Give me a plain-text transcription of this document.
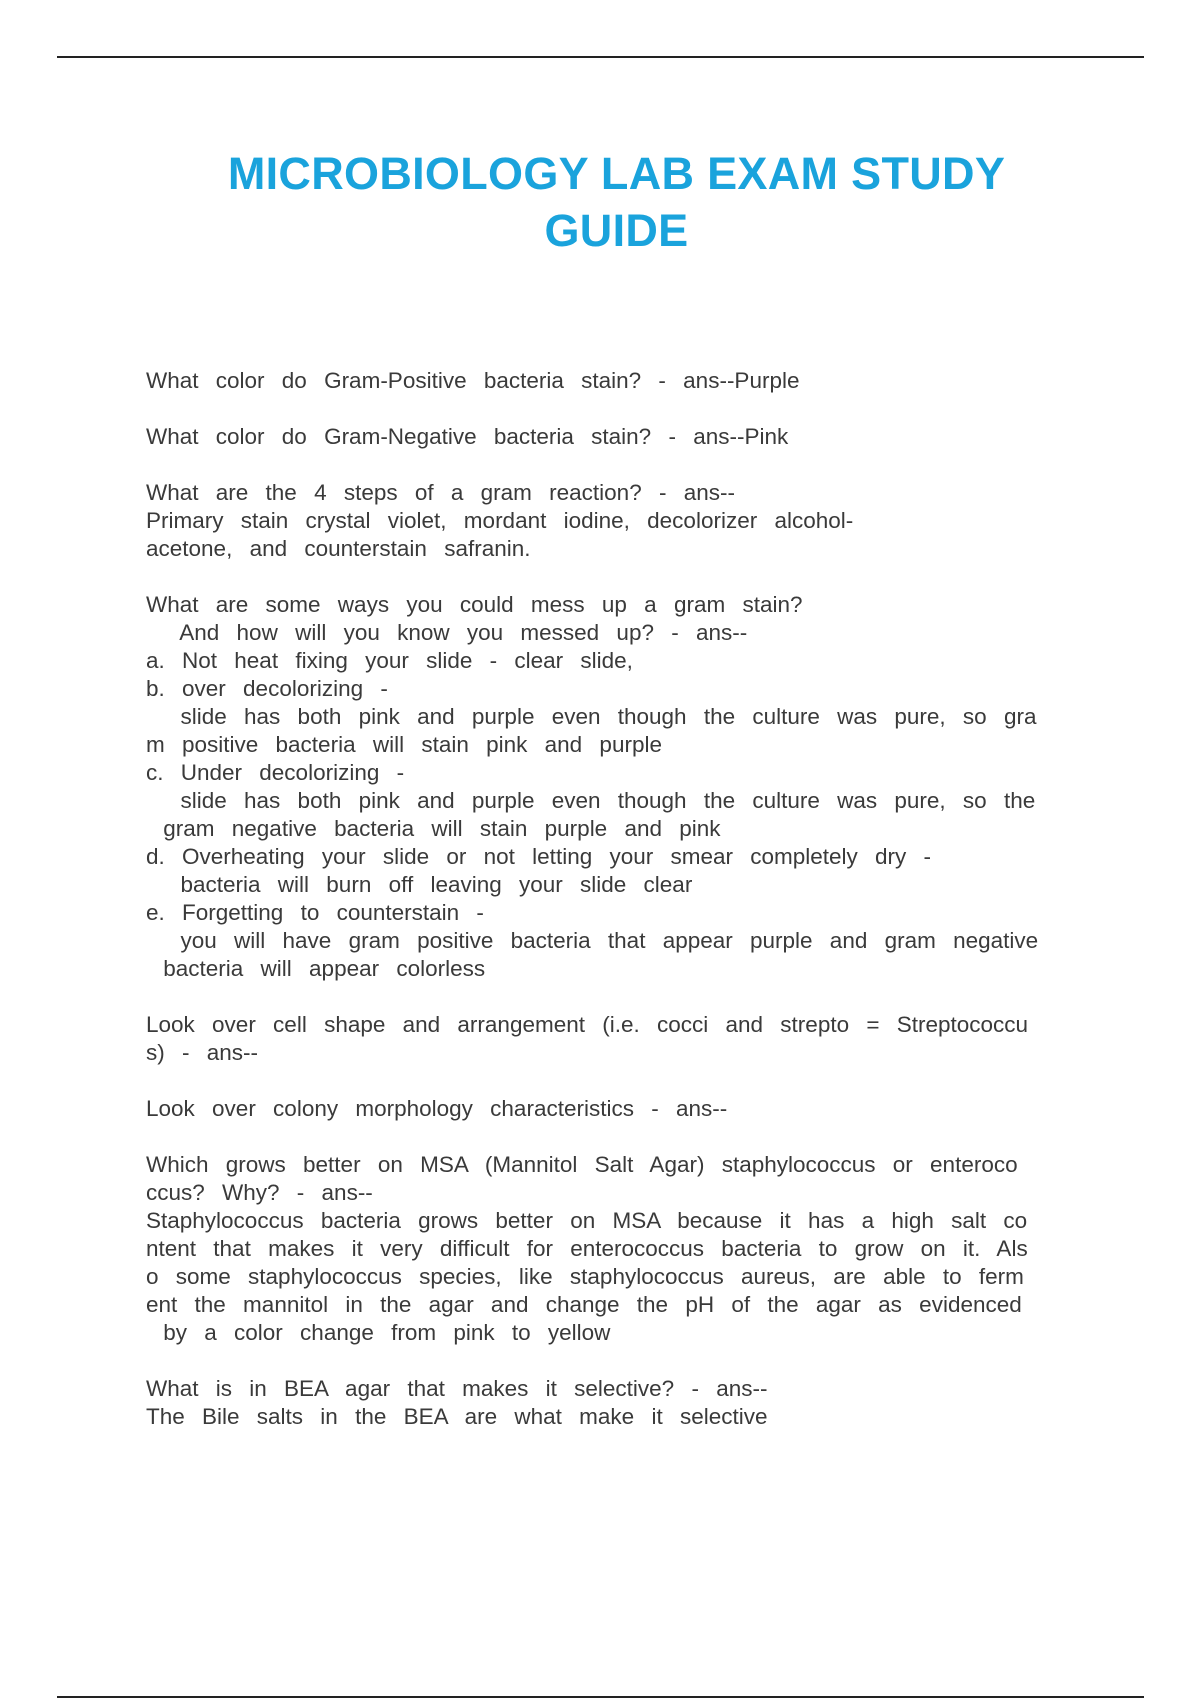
MICROBIOLOGY LAB EXAM STUDY
GUIDE
What color do Gram-Positive bacteria stain? - ans--Purple
What color do Gram-Negative bacteria stain? - ans--Pink
What are the 4 steps of a gram reaction? - ans--
Primary stain crystal violet, mordant iodine, decolorizer alcohol-
acetone, and counterstain safranin.
What are some ways you could mess up a gram stain?
And how will you know you messed up? - ans--
a. Not heat fixing your slide - clear slide,
b. over decolorizing -
slide has both pink and purple even though the culture was pure, so gra
m positive bacteria will stain pink and purple
c. Under decolorizing -
slide has both pink and purple even though the culture was pure, so the
gram negative bacteria will stain purple and pink
d. Overheating your slide or not letting your smear completely dry -
bacteria will burn off leaving your slide clear
e. Forgetting to counterstain -
you will have gram positive bacteria that appear purple and gram negative
bacteria will appear colorless
Look over cell shape and arrangement (i.e. cocci and strepto = Streptococcu
s) - ans--
Look over colony morphology characteristics - ans--
Which grows better on MSA (Mannitol Salt Agar) staphylococcus or enteroco
ccus? Why? - ans--
Staphylococcus bacteria grows better on MSA because it has a high salt co
ntent that makes it very difficult for enterococcus bacteria to grow on it. Als
o some staphylococcus species, like staphylococcus aureus, are able to ferm
ent the mannitol in the agar and change the pH of the agar as evidenced
by a color change from pink to yellow
What is in BEA agar that makes it selective? - ans--
The Bile salts in the BEA are what make it selective
